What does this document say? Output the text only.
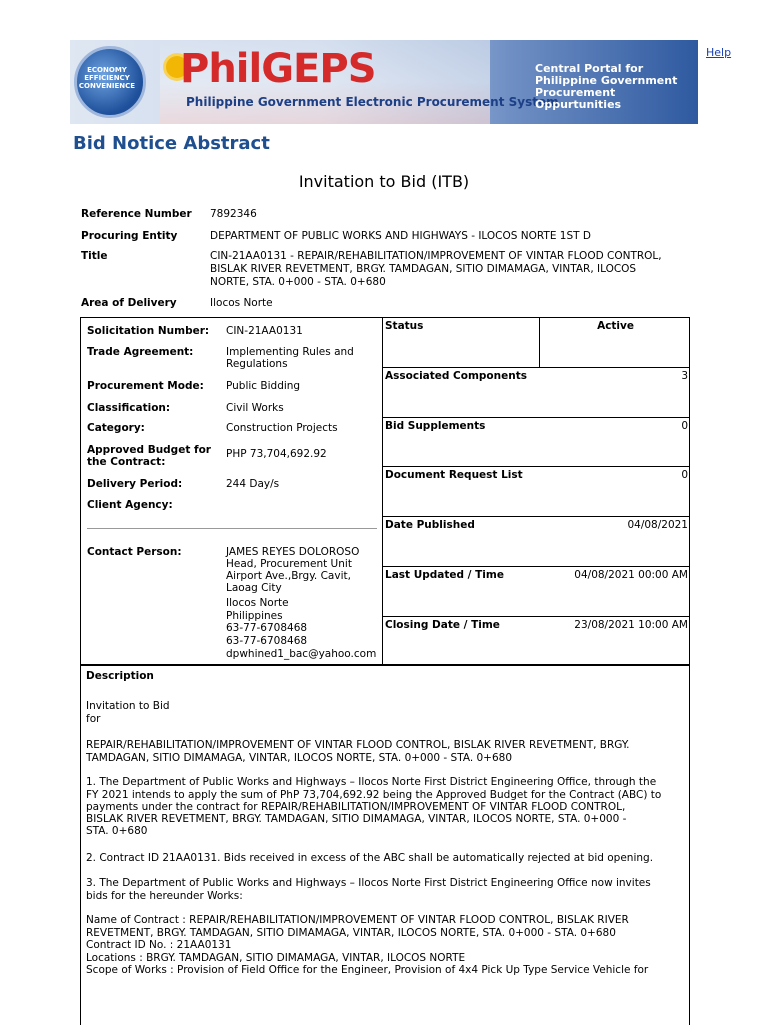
ECONOMY EFFICIENCY CONVENIENCE PhilGEPS
Philippine Government Electronic Procurement System
Central Portal for
Philippine Government
Procurement Oppurtunities
Help
Bid Notice Abstract
Invitation to Bid (ITB)
Reference Number 7892346
Procuring Entity	DEPARTMENT OF PUBLIC WORKS AND HIGHWAYS - ILOCOS NORTE 1ST D
Title	CIN-21AA0131 - REPAIR/REHABILITATION/IMPROVEMENT OF VINTAR FLOOD CONTROL,
BISLAK RIVER REVETMENT, BRGY. TAMDAGAN, SITIO DIMAMAGA, VINTAR, ILOCOS
NORTE, STA. 0+000 - STA. 0+680
Area of Delivery	Ilocos Norte
Solicitation Number: CIN-21AA0131
Trade Agreement:	Implementing Rules and
Regulations
Procurement Mode: Public Bidding
Classification:	Civil Works
Category:	Construction Projects
Approved Budget for
the Contract:
PHP 73,704,692.92
Delivery Period:	244 Day/s
Client Agency:
Contact Person:	JAMES REYES DOLOROSO
Head, Procurement Unit
Airport Ave.,Brgy. Cavit,
Laoag City
Ilocos Norte
Philippines
63-77-6708468
63-77-6708468
dpwhined1_bac@yahoo.com
Status	Active
Associated Components	3
Bid Supplements	0
Document Request List	0
Date Published	04/08/2021
Last Updated / Time	04/08/2021 00:00 AM
Closing Date / Time	23/08/2021 10:00 AM

Description

Invitation to Bid

for

REPAIR/REHABILITATION/IMPROVEMENT OF VINTAR FLOOD CONTROL, BISLAK RIVER REVETMENT, BRGY.

TAMDAGAN, SITIO DIMAMAGA, VINTAR, ILOCOS NORTE, STA. 0+000 - STA. 0+680

1. The Department of Public Works and Highways – Ilocos Norte First District Engineering Office, through the

FY 2021 intends to apply the sum of PhP 73,704,692.92 being the Approved Budget for the Contract (ABC) to

payments under the contract for REPAIR/REHABILITATION/IMPROVEMENT OF VINTAR FLOOD CONTROL,

BISLAK RIVER REVETMENT, BRGY. TAMDAGAN, SITIO DIMAMAGA, VINTAR, ILOCOS NORTE, STA. 0+000 -

STA. 0+680

2. Contract ID 21AA0131. Bids received in excess of the ABC shall be automatically rejected at bid opening.

3. The Department of Public Works and Highways – Ilocos Norte First District Engineering Office now invites

bids for the hereunder Works:

Name of Contract : REPAIR/REHABILITATION/IMPROVEMENT OF VINTAR FLOOD CONTROL, BISLAK RIVER

REVETMENT, BRGY. TAMDAGAN, SITIO DIMAMAGA, VINTAR, ILOCOS NORTE, STA. 0+000 - STA. 0+680

Contract ID No. : 21AA0131

Locations : BRGY. TAMDAGAN, SITIO DIMAMAGA, VINTAR, ILOCOS NORTE

Scope of Works : Provision of Field Office for the Engineer, Provision of 4x4 Pick Up Type Service Vehicle for
